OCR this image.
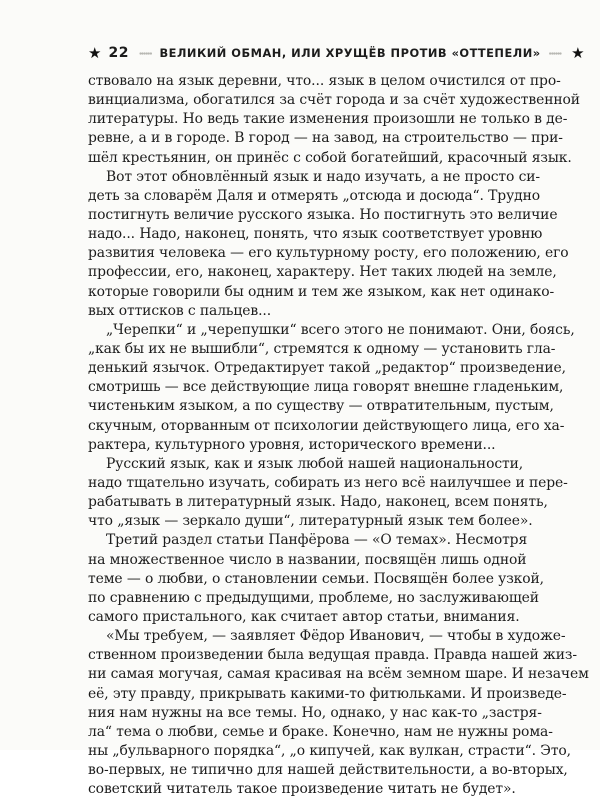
★ 22 ꞏꞏꞏꞏꞏꞏ ВЕЛИКИЙ ОБМАН, ИЛИ ХРУЩЁВ ПРОТИВ «ОТТЕПЕЛИ» ꞏꞏꞏꞏꞏꞏ ★
ствовало на язык деревни, что... язык в целом очистился от про-
винциализма, обогатился за счёт города и за счёт художественной
литературы. Но ведь такие изменения произошли не только в де-
ревне, а и в городе. В город — на завод, на строительство — при-
шёл крестьянин, он принёс с собой богатейший, красочный язык.
Вот этот обновлённый язык и надо изучать, а не просто си-
деть за словарём Даля и отмерять „отсюда и досюда“. Трудно
постигнуть величие русского языка. Но постигнуть это величие
надо... Надо, наконец, понять, что язык соответствует уровню
развития человека — его культурному росту, его положению, его
профессии, его, наконец, характеру. Нет таких людей на земле,
которые говорили бы одним и тем же языком, как нет одинако-
вых оттисков с пальцев...
„Черепки“ и „черепушки“ всего этого не понимают. Они, боясь,
„как бы их не вышибли“, стремятся к одному — установить гла-
денький язычок. Отредактирует такой „редактор“ произведение,
смотришь — все действующие лица говорят внешне гладеньким,
чистеньким языком, а по существу — отвратительным, пустым,
скучным, оторванным от психологии действующего лица, его ха-
рактера, культурного уровня, исторического времени...
Русский язык, как и язык любой нашей национальности,
надо тщательно изучать, собирать из него всё наилучшее и пере-
рабатывать в литературный язык. Надо, наконец, всем понять,
что „язык — зеркало души“, литературный язык тем более».
Третий раздел статьи Панфёрова — «О темах». Несмотря
на множественное число в названии, посвящён лишь одной
теме — о любви, о становлении семьи. Посвящён более узкой,
по сравнению с предыдущими, проблеме, но заслуживающей
самого пристального, как считает автор статьи, внимания.
«Мы требуем, — заявляет Фёдор Иванович, — чтобы в художе-
ственном произведении была ведущая правда. Правда нашей жиз-
ни самая могучая, самая красивая на всём земном шаре. И незачем
её, эту правду, прикрывать какими-то фитюльками. И произведе-
ния нам нужны на все темы. Но, однако, у нас как-то „застря-
ла“ тема о любви, семье и браке. Конечно, нам не нужны рома-
ны „бульварного порядка“, „о кипучей, как вулкан, страсти“. Это,
во-первых, не типично для нашей действительности, а во-вторых,
советский читатель такое произведение читать не будет».
